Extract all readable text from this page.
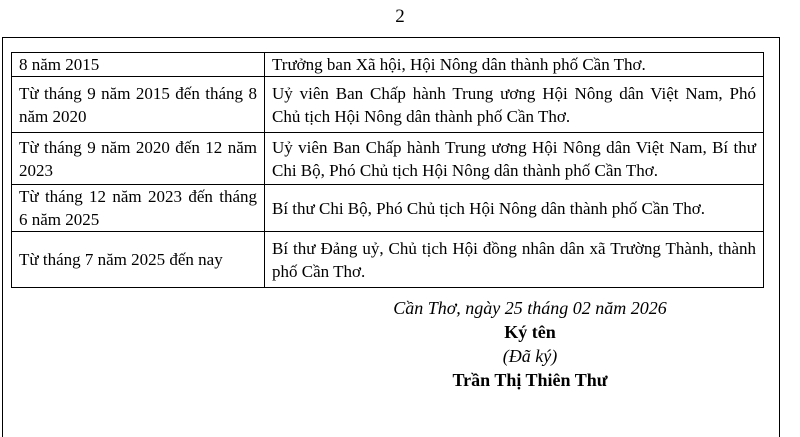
2
8 năm 2015	Trưởng ban Xã hội, Hội Nông dân thành phố Cần Thơ.
Từ tháng 9 năm 2015 đến tháng 8 năm 2020	Uỷ viên Ban Chấp hành Trung ương Hội Nông dân Việt Nam, Phó Chủ tịch Hội Nông dân thành phố Cần Thơ.
Từ tháng 9 năm 2020 đến 12 năm 2023	Uỷ viên Ban Chấp hành Trung ương Hội Nông dân Việt Nam, Bí thư Chi Bộ, Phó Chủ tịch Hội Nông dân thành phố Cần Thơ.
Từ tháng 12 năm 2023 đến tháng 6 năm 2025	Bí thư Chi Bộ, Phó Chủ tịch Hội Nông dân thành phố Cần Thơ.
Từ tháng 7 năm 2025 đến nay	Bí thư Đảng uỷ, Chủ tịch Hội đồng nhân dân xã Trường Thành, thành phố Cần Thơ.
Cần Thơ, ngày 25 tháng 02 năm 2026
Ký tên
(Đã ký)
Trần Thị Thiên Thư
